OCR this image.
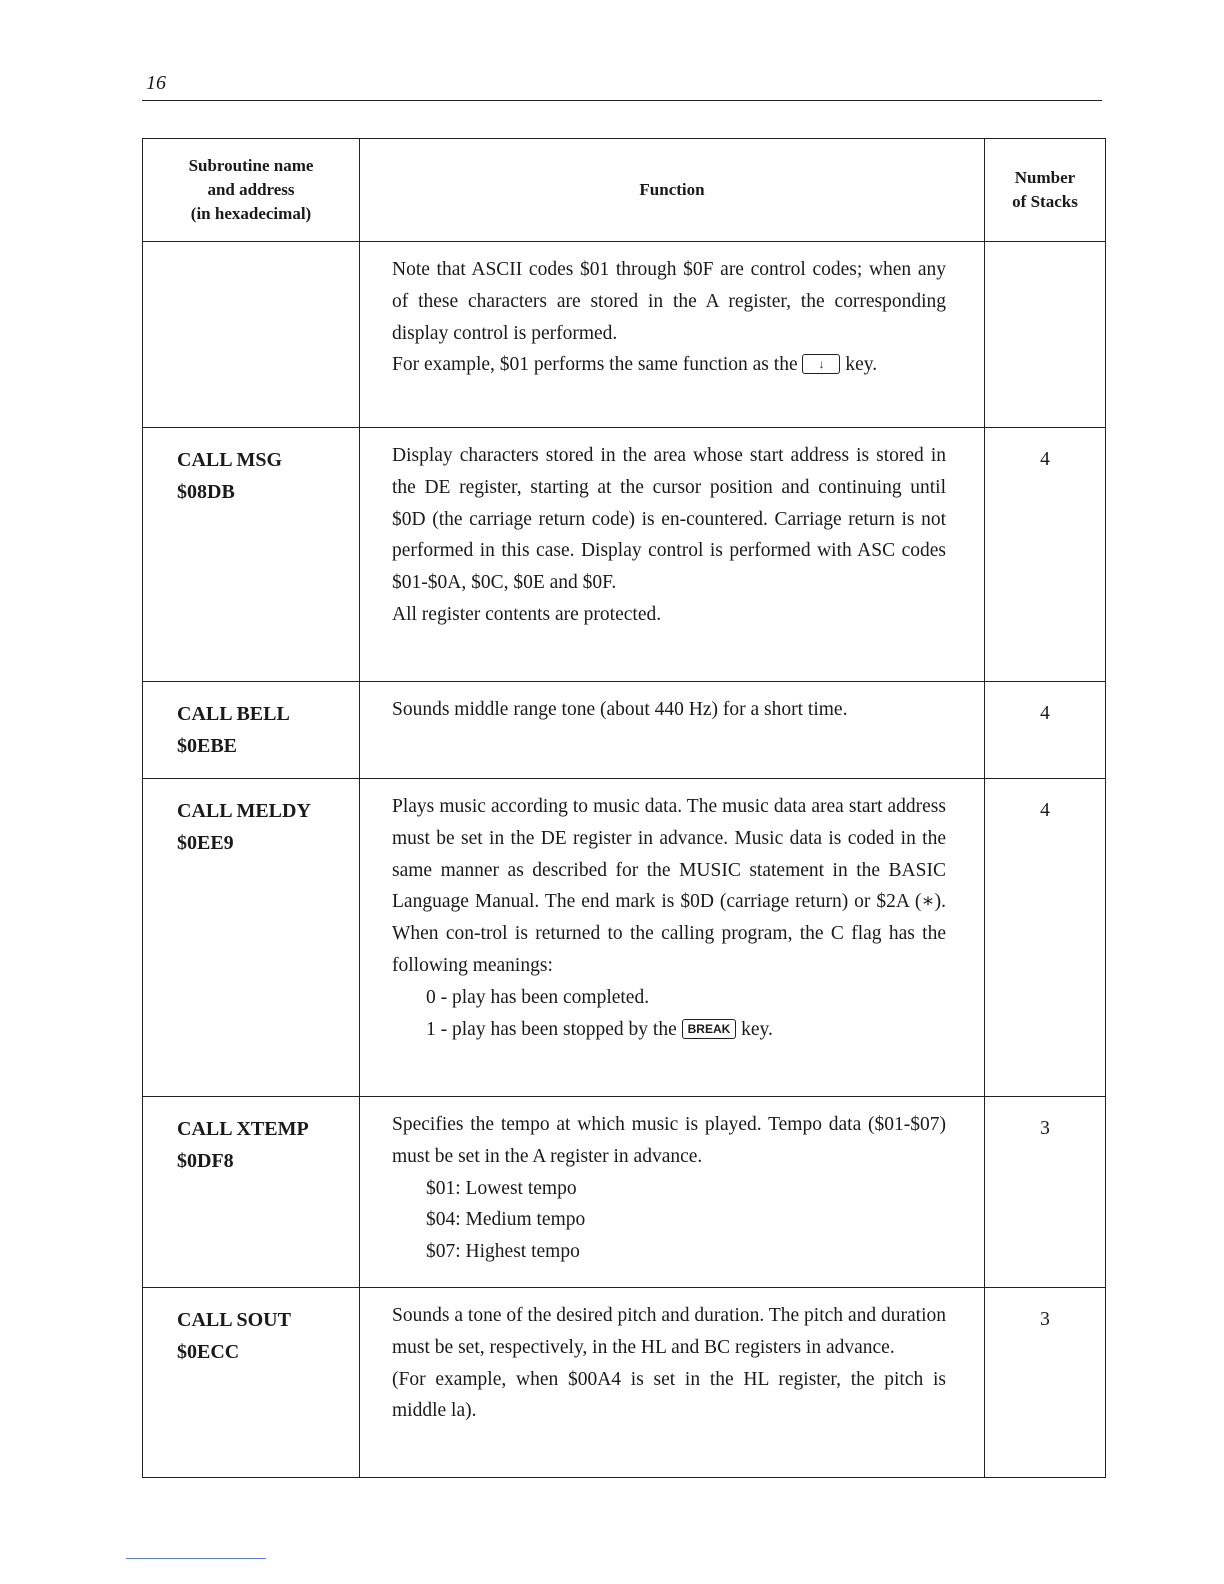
16
Subroutine name
and address
(in hexadecimal)	Function	Number
of Stacks

	Note that ASCII codes $01 through $0F are control codes; when any of these characters are stored in the A register, the corresponding display control is performed.
For example, $01 performs the same function as the ↓ key.	

CALL MSG
$08DB	Display characters stored in the area whose start address is stored in the DE register, starting at the cursor position and continuing until $0D (the carriage return code) is en-countered. Carriage return is not performed in this case. Display control is performed with ASC codes $01-$0A, $0C, $0E and $0F.
All register contents are protected.	4

CALL BELL
$0EBE	Sounds middle range tone (about 440 Hz) for a short time.	4

CALL MELDY
$0EE9	Plays music according to music data. The music data area start address must be set in the DE register in advance. Music data is coded in the same manner as described for the MUSIC statement in the BASIC Language Manual. The end mark is $0D (carriage return) or $2A (∗). When con-trol is returned to the calling program, the C flag has the following meanings:
0 - play has been completed.
1 - play has been stopped by the BREAK key.	4

CALL XTEMP
$0DF8	Specifies the tempo at which music is played. Tempo data ($01-$07) must be set in the A register in advance.
$01: Lowest tempo
$04: Medium tempo
$07: Highest tempo	3

CALL SOUT
$0ECC	Sounds a tone of the desired pitch and duration. The pitch and duration must be set, respectively, in the HL and BC registers in advance.
(For example, when $00A4 is set in the HL register, the pitch is middle la).	3
